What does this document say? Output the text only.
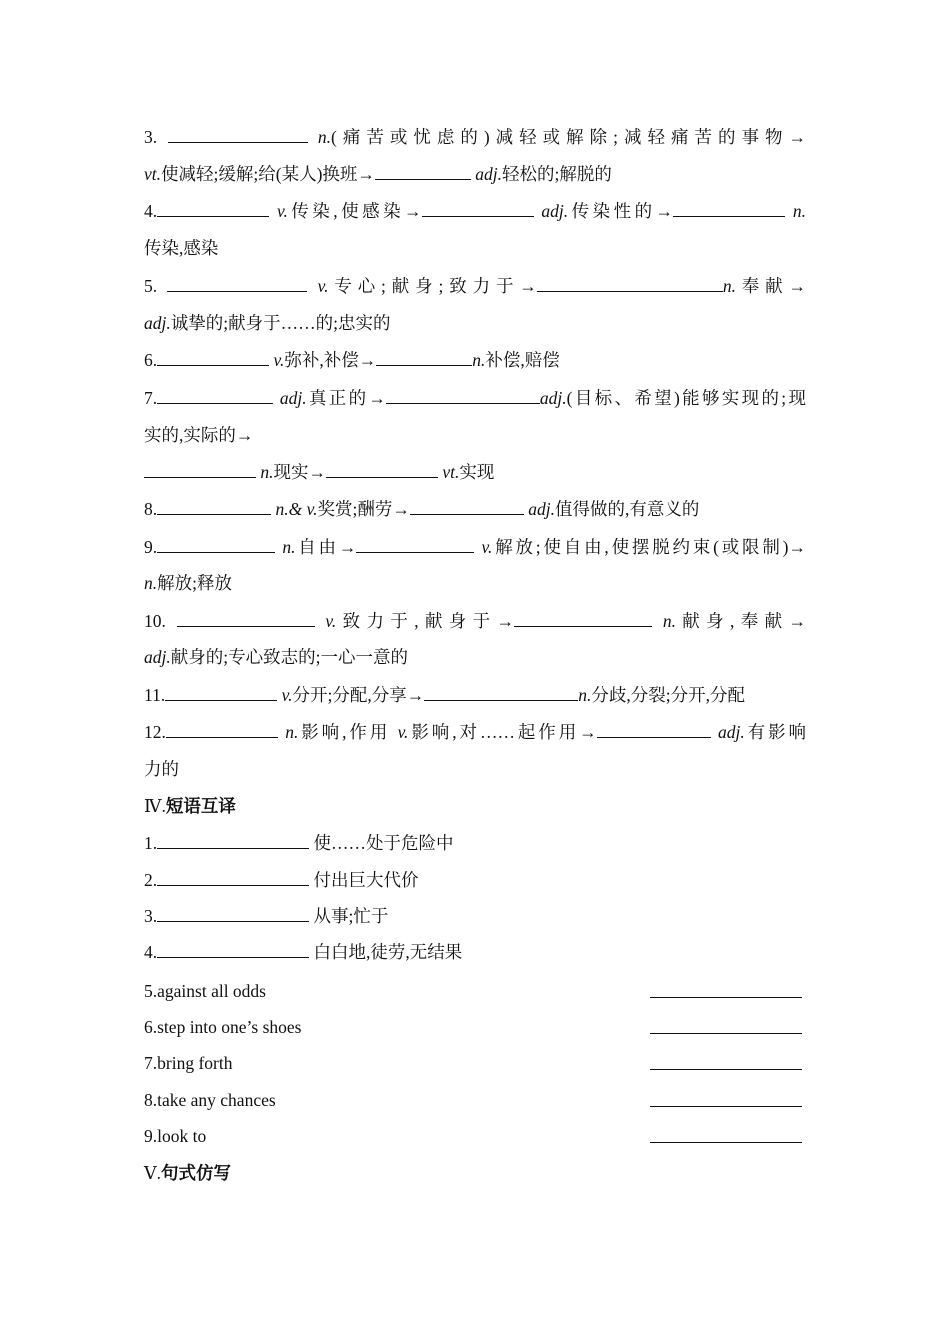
3.	n.(痛苦或忧虑的)减轻或解除;减轻痛苦的事物→
vt.使减轻;缓解;给(某人)换班→	adj.轻松的;解脱的
4.	v.传染,使感染→	adj.传染性的→	n.
传染,感染
5.	v.专心;献身;致力于→	n.奉献→
adj.诚挚的;献身于……的;忠实的
6.	v.弥补,补偿→	n.补偿,赔偿
7.	adj.真正的→	adj.(目标、希望)能够实现的;现
实的,实际的→
n.现实→	vt.实现
8.	n.& v.奖赏;酬劳→	adj.值得做的,有意义的
9.	n.自由→	v.解放;使自由,使摆脱约束(或限制)→
n.解放;释放
10.	v.致力于,献身于→	n.献身,奉献→
adj.献身的;专心致志的;一心一意的
11.	v.分开;分配,分享→	n.分歧,分裂;分开,分配
12.	n.影响,作用 v.影响,对……起作用→	adj.有影响
力的
Ⅳ.短语互译
1.	使……处于危险中
2.	付出巨大代价
3.	从事;忙于
4.	白白地,徒劳,无结果
5.against all odds
6.step into one’s shoes
7.bring forth
8.take any chances
9.look to
Ⅴ.句式仿写
